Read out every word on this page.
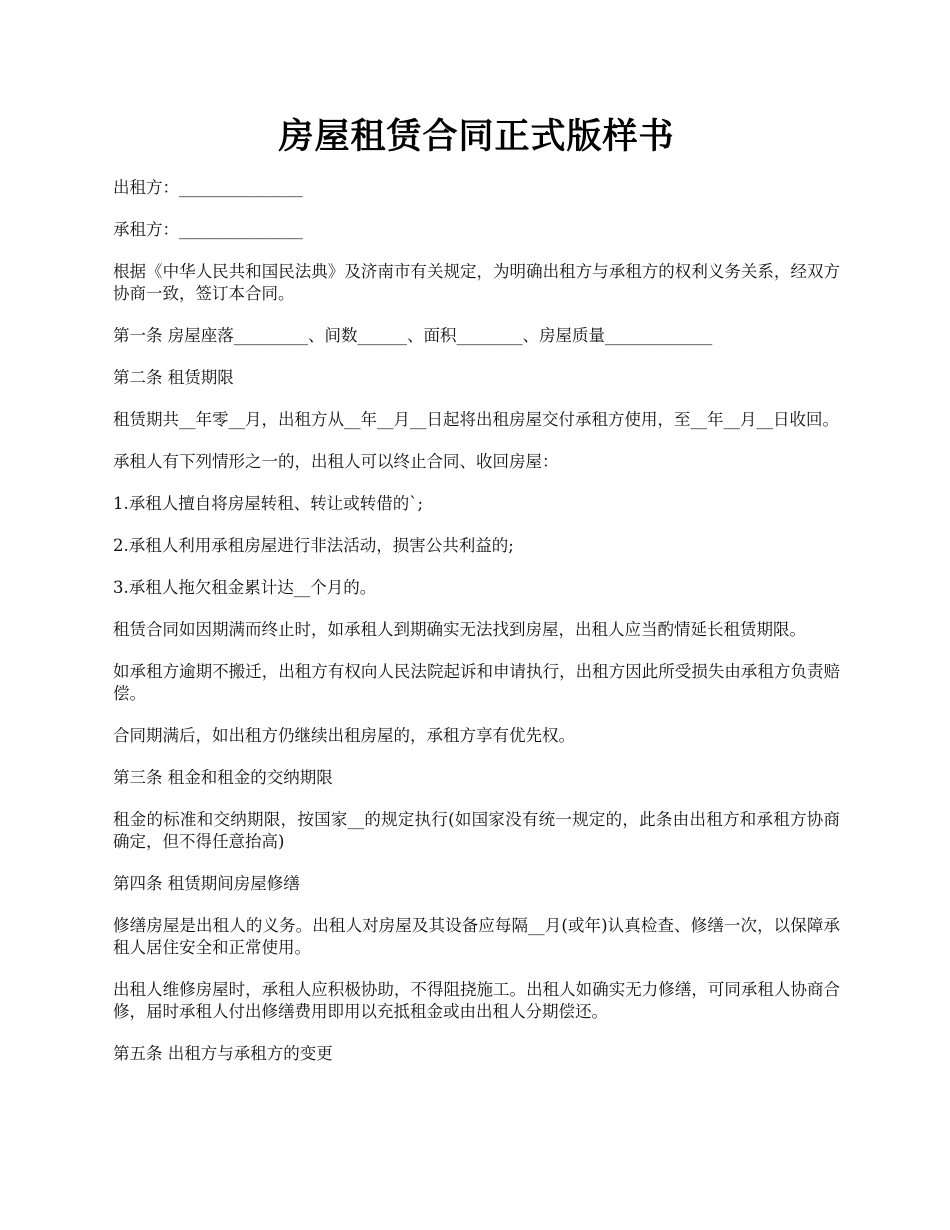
房屋租赁合同正式版样书

出租方：_______________

承租方：_______________

根据《中华人民共和国民法典》及济南市有关规定，为明确出租方与承租方的权利义务关系，经双方协商一致，签订本合同。

第一条 房屋座落_________、间数______、面积________、房屋质量_____________

第二条 租赁期限

租赁期共__年零__月，出租方从__年__月__日起将出租房屋交付承租方使用，至__年__月__日收回。

承租人有下列情形之一的，出租人可以终止合同、收回房屋：

1.承租人擅自将房屋转租、转让或转借的`;

2.承租人利用承租房屋进行非法活动，损害公共利益的;

3.承租人拖欠租金累计达__个月的。

租赁合同如因期满而终止时，如承租人到期确实无法找到房屋，出租人应当酌情延长租赁期限。

如承租方逾期不搬迁，出租方有权向人民法院起诉和申请执行，出租方因此所受损失由承租方负责赔偿。

合同期满后，如出租方仍继续出租房屋的，承租方享有优先权。

第三条 租金和租金的交纳期限

租金的标准和交纳期限，按国家__的规定执行(如国家没有统一规定的，此条由出租方和承租方协商确定，但不得任意抬高)

第四条 租赁期间房屋修缮

修缮房屋是出租人的义务。出租人对房屋及其设备应每隔__月(或年)认真检查、修缮一次，以保障承租人居住安全和正常使用。

出租人维修房屋时，承租人应积极协助，不得阻挠施工。出租人如确实无力修缮，可同承租人协商合修，届时承租人付出修缮费用即用以充抵租金或由出租人分期偿还。

第五条 出租方与承租方的变更
